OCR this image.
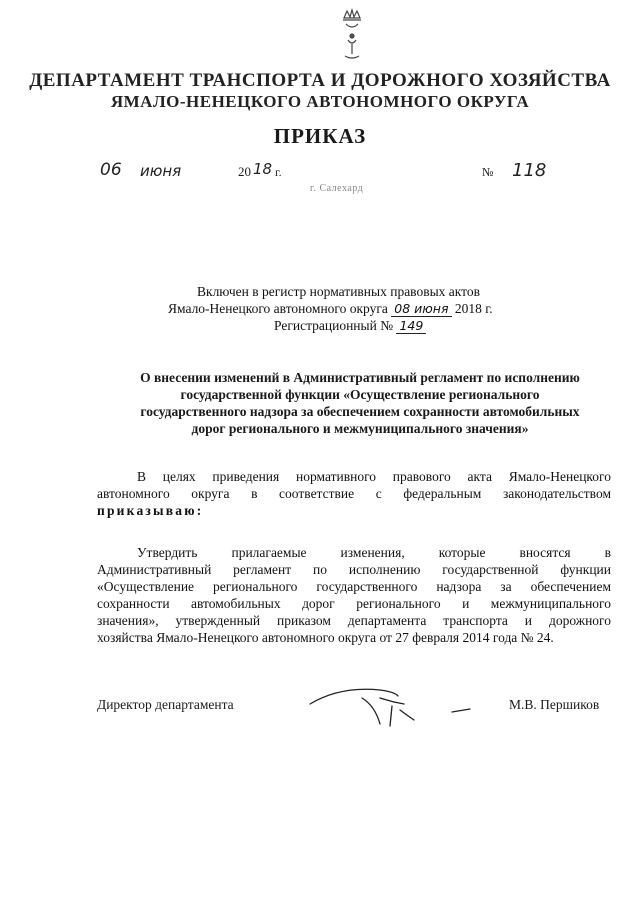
ДЕПАРТАМЕНТ ТРАНСПОРТА И ДОРОЖНОГО ХОЗЯЙСТВА
ЯМАЛО-НЕНЕЦКОГО АВТОНОМНОГО ОКРУГА
ПРИКАЗ
06 июня	20 18 г.	№ 118
г. Салехард
Включен в регистр нормативных правовых актов
Ямало-Ненецкого автономного округа 08 июня 2018 г.
Регистрационный № 149
О внесении изменений в Административный регламент по исполнению
государственной функции «Осуществление регионального
государственного надзора за обеспечением сохранности автомобильных
дорог регионального и межмуниципального значения»
В целях приведения нормативного правового акта Ямало-Ненецкого
автономного округа в соответствие с федеральным законодательством
приказываю:
Утвердить прилагаемые изменения, которые вносятся в
Административный регламент по исполнению государственной функции
«Осуществление регионального государственного надзора за обеспечением
сохранности автомобильных дорог регионального и межмуниципального
значения», утвержденный приказом департамента транспорта и дорожного
хозяйства Ямало-Ненецкого автономного округа от 27 февраля 2014 года № 24.
Директор департамента	М.В. Першиков
